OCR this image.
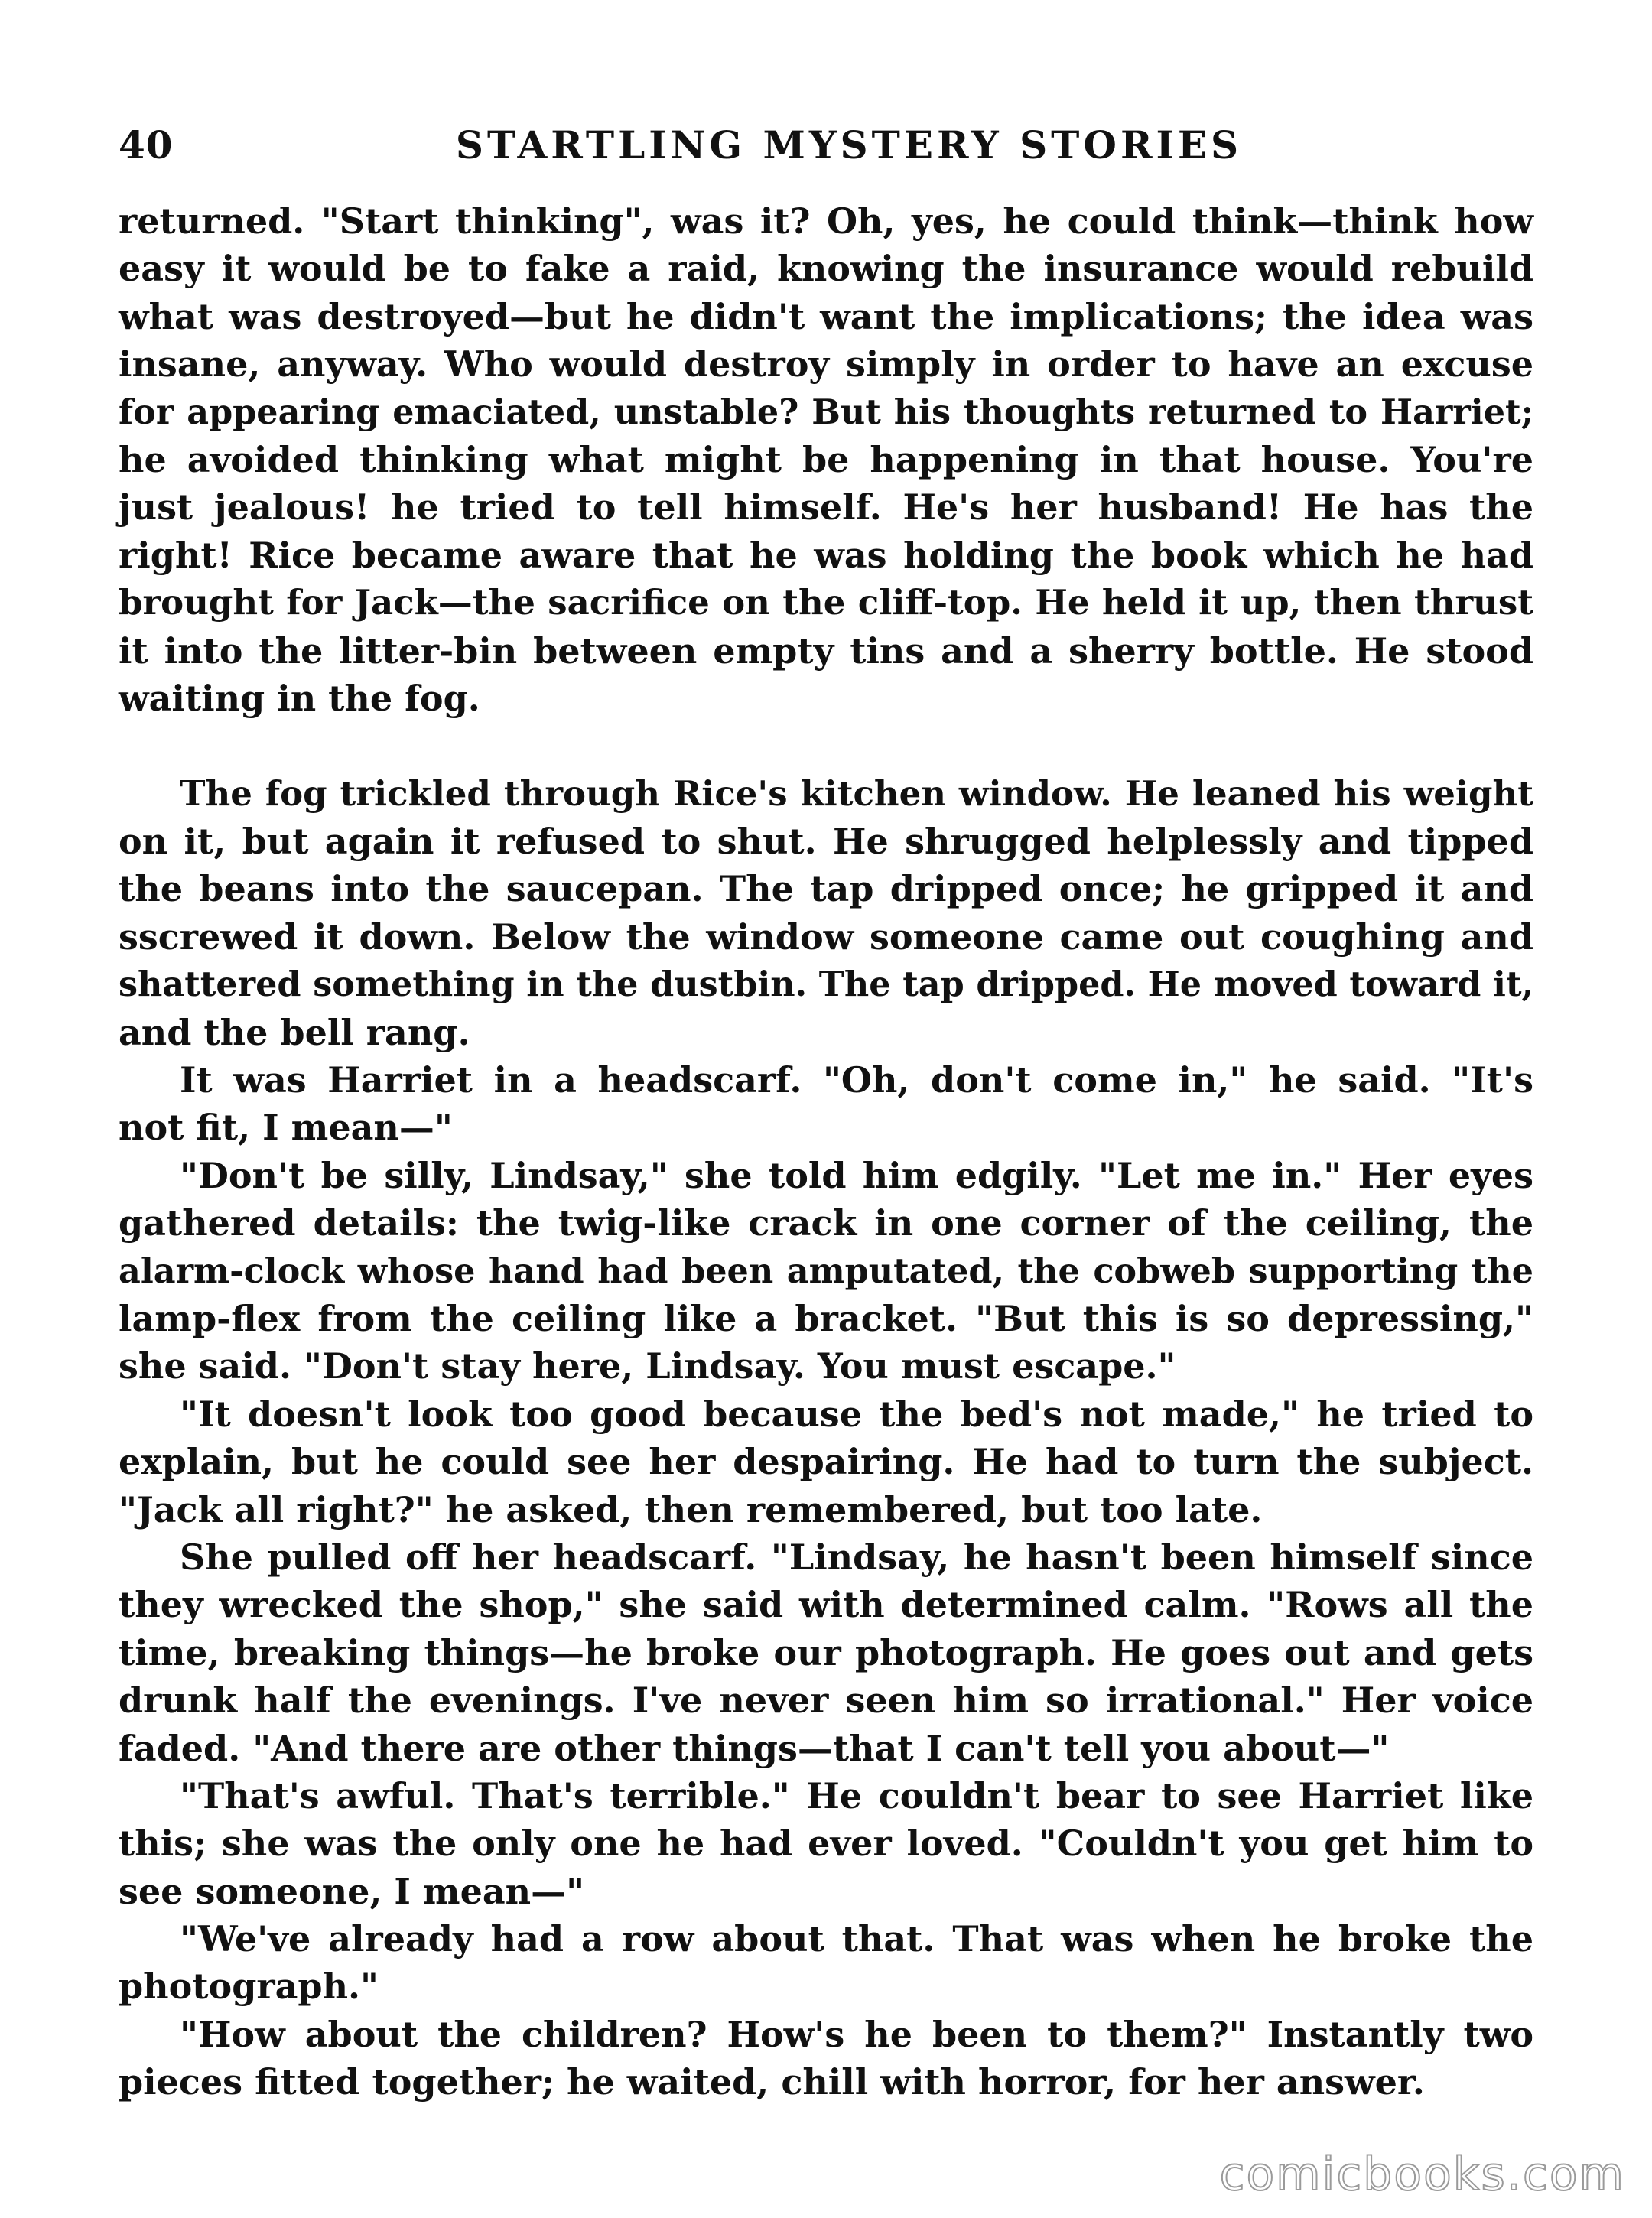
40	STARTLING MYSTERY STORIES
returned. "Start thinking", was it? Oh, yes, he could think—think how
easy it would be to fake a raid, knowing the insurance would rebuild
what was destroyed—but he didn't want the implications; the idea was
insane, anyway. Who would destroy simply in order to have an excuse
for appearing emaciated, unstable? But his thoughts returned to Harriet;
he avoided thinking what might be happening in that house. You're
just jealous! he tried to tell himself. He's her husband! He has the
right! Rice became aware that he was holding the book which he had
brought for Jack—the sacrifice on the cliff-top. He held it up, then thrust
it into the litter-bin between empty tins and a sherry bottle. He stood
waiting in the fog.
The fog trickled through Rice's kitchen window. He leaned his weight
on it, but again it refused to shut. He shrugged helplessly and tipped
the beans into the saucepan. The tap dripped once; he gripped it and
sscrewed it down. Below the window someone came out coughing and
shattered something in the dustbin. The tap dripped. He moved toward it,
and the bell rang.
It was Harriet in a headscarf. "Oh, don't come in," he said. "It's
not fit, I mean—"
"Don't be silly, Lindsay," she told him edgily. "Let me in." Her eyes
gathered details: the twig-like crack in one corner of the ceiling, the
alarm-clock whose hand had been amputated, the cobweb supporting the
lamp-flex from the ceiling like a bracket. "But this is so depressing,"
she said. "Don't stay here, Lindsay. You must escape."
"It doesn't look too good because the bed's not made," he tried to
explain, but he could see her despairing. He had to turn the subject.
"Jack all right?" he asked, then remembered, but too late.
She pulled off her headscarf. "Lindsay, he hasn't been himself since
they wrecked the shop," she said with determined calm. "Rows all the
time, breaking things—he broke our photograph. He goes out and gets
drunk half the evenings. I've never seen him so irrational." Her voice
faded. "And there are other things—that I can't tell you about—"
"That's awful. That's terrible." He couldn't bear to see Harriet like
this; she was the only one he had ever loved. "Couldn't you get him to
see someone, I mean—"
"We've already had a row about that. That was when he broke the
photograph."
"How about the children? How's he been to them?" Instantly two
pieces fitted together; he waited, chill with horror, for her answer.
comicbooks.com
